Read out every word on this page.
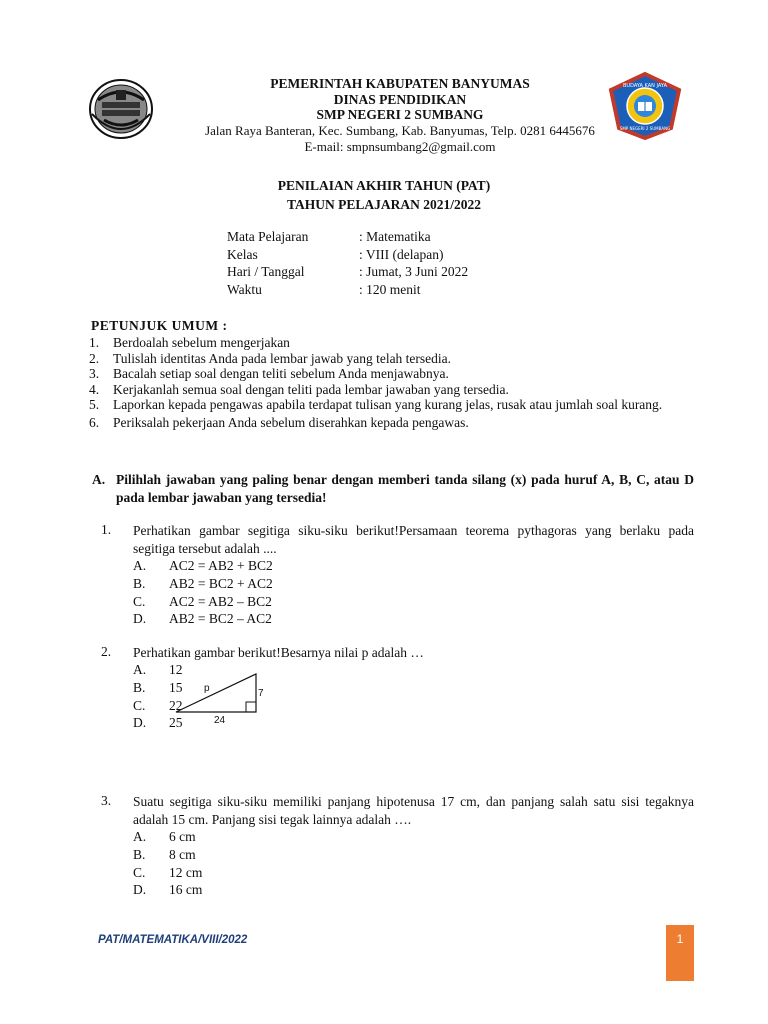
BUDAYA KAN JAYA
SMP NEGERI 2 SUMBANG
PEMERINTAH KABUPATEN BANYUMAS
DINAS PENDIDIKAN
SMP NEGERI 2 SUMBANG
Jalan Raya Banteran, Kec. Sumbang, Kab. Banyumas, Telp. 0281 6445676
E-mail: smpnsumbang2@gmail.com
PENILAIAN AKHIR TAHUN (PAT)
TAHUN PELAJARAN 2021/2022
Mata Pelajaran	: Matematika
Kelas	: VIII (delapan)
Hari / Tanggal	: Jumat, 3 Juni 2022
Waktu	: 120 menit
PETUNJUK UMUM :
1.	Berdoalah sebelum mengerjakan
2.	Tulislah identitas Anda pada lembar jawab yang telah tersedia.
3.	Bacalah setiap soal dengan teliti sebelum Anda menjawabnya.
4.	Kerjakanlah semua soal dengan teliti pada lembar jawaban yang tersedia.
5.	Laporkan kepada pengawas apabila terdapat tulisan yang kurang jelas, rusak atau jumlah soal kurang.
6.	Periksalah pekerjaan Anda sebelum diserahkan kepada pengawas.
A. Pilihlah jawaban yang paling benar dengan memberi tanda silang (x) pada huruf A, B, C, atau D pada lembar jawaban yang tersedia!
1. Perhatikan gambar segitiga siku-siku berikut!Persamaan teorema pythagoras yang berlaku pada segitiga tersebut adalah ....
A.	AC2 = AB2 + BC2
B.	AB2 = BC2 + AC2
C.	AC2 = AB2 – BC2
D.	AB2 = BC2 – AC2
2. Perhatikan gambar berikut!Besarnya nilai p adalah …
A.	12
B.	15
C.	22
D.	25
p	7
24
3. Suatu segitiga siku-siku memiliki panjang hipotenusa 17 cm, dan panjang salah satu sisi tegaknya adalah 15 cm. Panjang sisi tegak lainnya adalah ….
A.	6 cm
B.	8 cm
C.	12 cm
D.	16 cm
PAT/MATEMATIKA/VIII/2022	1
